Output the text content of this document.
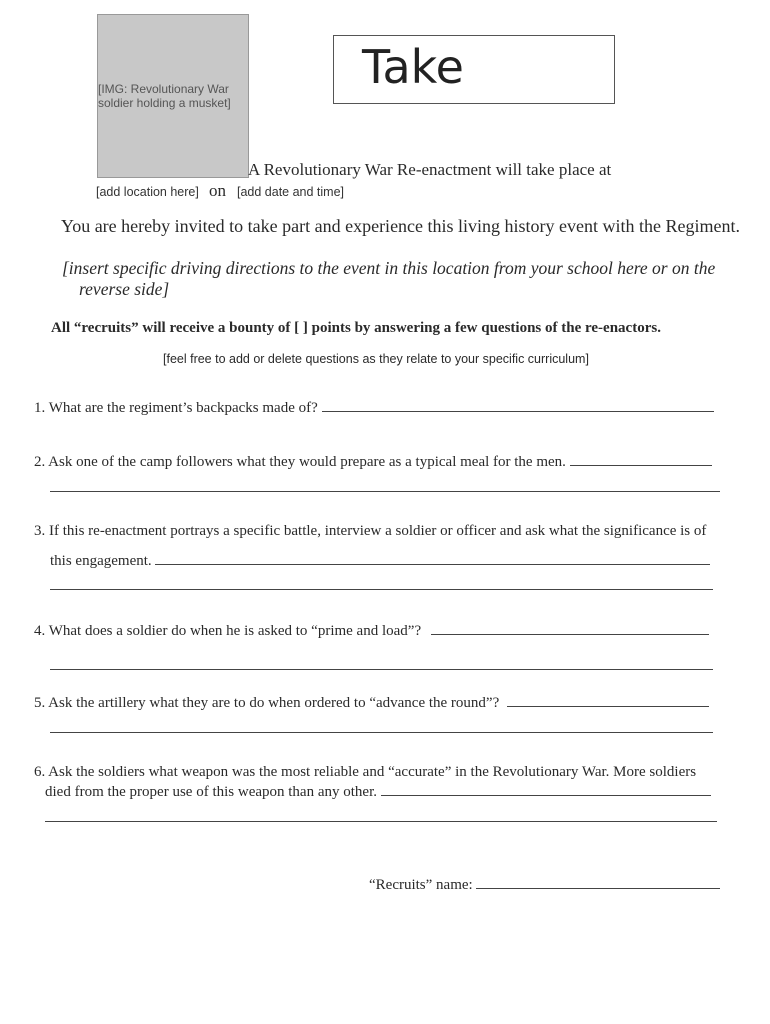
[IMG: Revolutionary War soldier holding a musket]
Take
A Revolutionary War Re-enactment will take place at
[add location here] on [add date and time]
You are hereby invited to take part and experience this living history event with the Regiment.
[insert specific driving directions to the event in this location from your school here or on the
reverse side]
All “recruits” will receive a bounty of [ ] points by answering a few questions of the re-enactors.
[feel free to add or delete questions as they relate to your specific curriculum]
1. What are the regiment’s backpacks made of?
2. Ask one of the camp followers what they would prepare as a typical meal for the men.
3. If this re-enactment portrays a specific battle, interview a soldier or officer and ask what the significance is of
this engagement.
4. What does a soldier do when he is asked to “prime and load”?
5. Ask the artillery what they are to do when ordered to “advance the round”?
6. Ask the soldiers what weapon was the most reliable and “accurate” in the Revolutionary War. More soldiers
died from the proper use of this weapon than any other.
“Recruits” name:
